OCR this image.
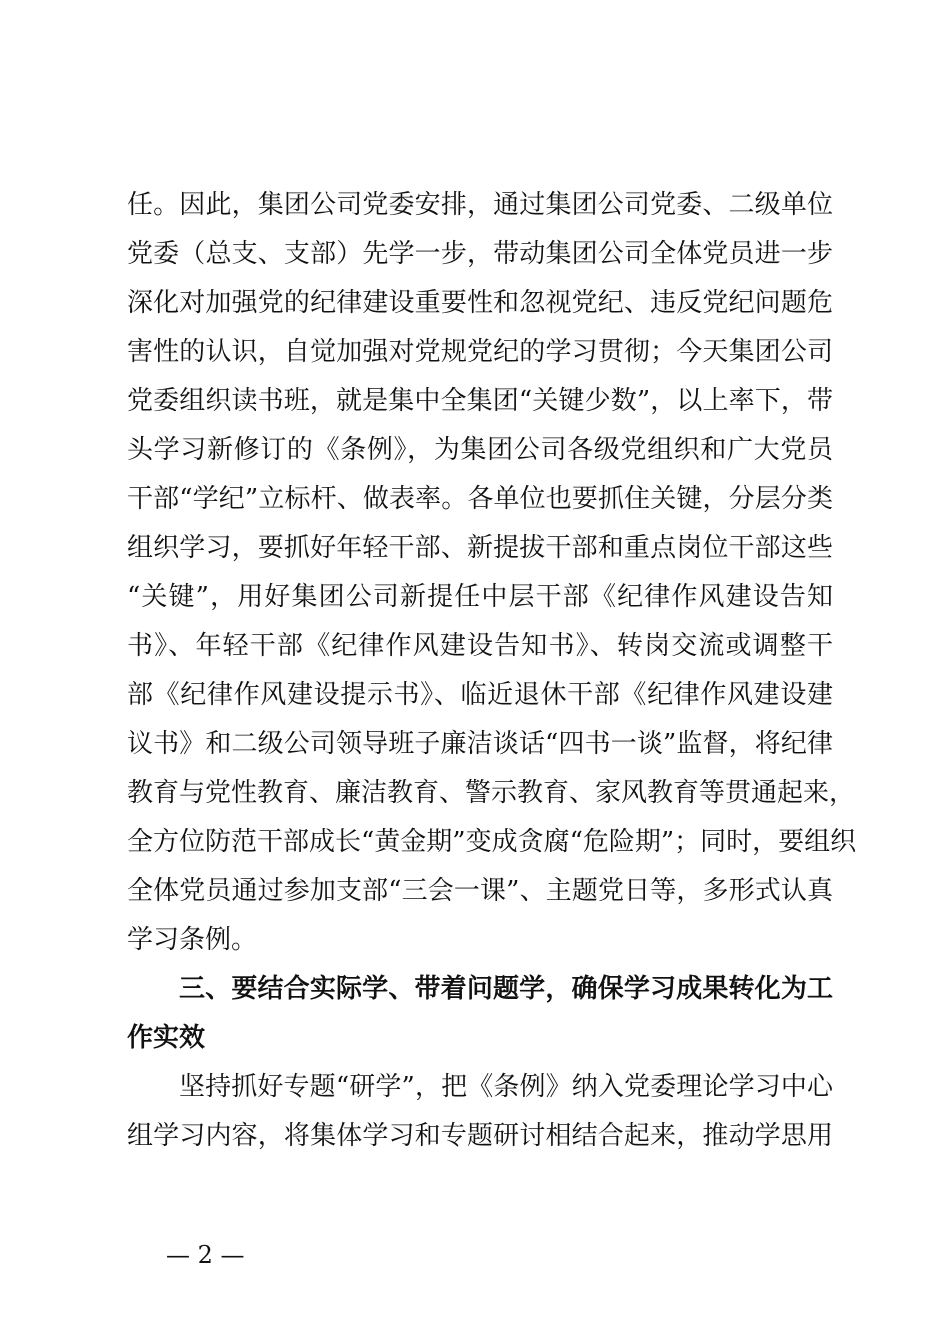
任。因此，集团公司党委安排，通过集团公司党委、二级单位
党委（总支、支部）先学一步，带动集团公司全体党员进一步
深化对加强党的纪律建设重要性和忽视党纪、违反党纪问题危
害性的认识，自觉加强对党规党纪的学习贯彻；今天集团公司
党委组织读书班，就是集中全集团“关键少数”，以上率下，带
头学习新修订的《条例》，为集团公司各级党组织和广大党员
干部“学纪”立标杆、做表率。各单位也要抓住关键，分层分类
组织学习，要抓好年轻干部、新提拔干部和重点岗位干部这些
“关键”，用好集团公司新提任中层干部《纪律作风建设告知
书》、年轻干部《纪律作风建设告知书》、转岗交流或调整干
部《纪律作风建设提示书》、临近退休干部《纪律作风建设建
议书》和二级公司领导班子廉洁谈话“四书一谈”监督，将纪律
教育与党性教育、廉洁教育、警示教育、家风教育等贯通起来，
全方位防范干部成长“黄金期”变成贪腐“危险期”；同时，要组织
全体党员通过参加支部“三会一课”、主题党日等，多形式认真
学习条例。
三、要结合实际学、带着问题学，确保学习成果转化为工
作实效
坚持抓好专题“研学”，把《条例》纳入党委理论学习中心
组学习内容，将集体学习和专题研讨相结合起来，推动学思用
— 2 —
